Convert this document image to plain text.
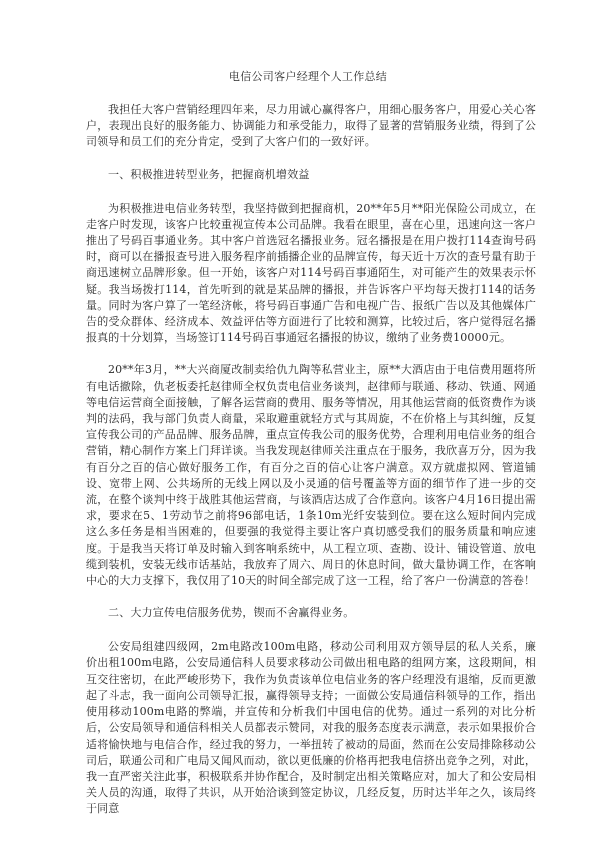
电信公司客户经理个人工作总结

我担任大客户营销经理四年来，尽力用诚心赢得客户，用细心服务客户，用爱心关心客户，表现出良好的服务能力、协调能力和承受能力，取得了显著的营销服务业绩，得到了公司领导和员工们的充分肯定，受到了大客户们的一致好评。

一、积极推进转型业务，把握商机增效益

为积极推进电信业务转型，我坚持做到把握商机，20**年5月**阳光保险公司成立，在走客户时发现，该客户比较重视宣传本公司品牌。我看在眼里，喜在心里，迅速向这一客户推出了号码百事通业务。其中客户首选冠名播报业务。冠名播报是在用户拨打114查询号码时，商可以在播报查号进入服务程序前插播企业的品牌宣传，每天近十万次的查号量有助于商迅速树立品牌形象。但一开始，该客户对114号码百事通陌生，对可能产生的效果表示怀疑。我当场拨打114，首先听到的就是某品牌的播报，并告诉客户平均每天拨打114的话务量。同时为客户算了一笔经济帐，将号码百事通广告和电视广告、报纸广告以及其他媒体广告的受众群体、经济成本、效益评估等方面进行了比较和测算，比较过后，客户觉得冠名播报真的十分划算，当场签订114号码百事通冠名播报的协议，缴纳了业务费10000元。

20**年3月，**大兴商厦改制卖给仇九陶等私营业主，原**大酒店由于电信费用题将所有电话撤除，仇老板委托赵律师全权负责电信业务谈判，赵律师与联通、移动、铁通、网通等电信运营商全面接触，了解各运营商的费用、服务等情况，用其他运营商的低资费作为谈判的法码，我与部门负责人商量，采取避重就轻方式与其周旋，不在价格上与其纠缠，反复宣传我公司的产品品牌、服务品牌，重点宣传我公司的服务优势，合理利用电信业务的组合营销，精心制作方案上门拜详谈。当我发现赵律师关注重点在于服务，我欣喜万分，因为我有百分之百的信心做好服务工作，有百分之百的信心让客户满意。双方就虚拟网、管道铺设、宽带上网、公共场所的无线上网以及小灵通的信号覆盖等方面的细节作了进一步的交流，在整个谈判中终于战胜其他运营商，与该酒店达成了合作意向。该客户4月16日提出需求，要求在5、1劳动节之前将96部电话，1条10m光纤安装到位。要在这么短时间内完成这么多任务是相当困难的，但要强的我觉得主要让客户真切感受我们的服务质量和响应速度。于是我当天将订单及时输入到客响系统中，从工程立项、查勘、设计、铺设管道、放电缆到装机，安装无线市话基站，我放弃了周六、周日的休息时间，做大量协调工作，在客响中心的大力支撑下，我仅用了10天的时间全部完成了这一工程，给了客户一份满意的答卷！

二、大力宣传电信服务优势，锲而不舍赢得业务。

公安局组建四级网，2m电路改100m电路，移动公司利用双方领导层的私人关系，廉价出租100m电路，公安局通信科人员要求移动公司做出租电路的组网方案，这段期间，相互交往密切，在此严峻形势下，我作为负责该单位电信业务的客户经理没有退缩，反而更激起了斗志，我一面向公司领导汇报，赢得领导支持；一面做公安局通信科领导的工作，指出使用移动100m电路的弊端，并宣传和分析我们中国电信的优势。通过一系列的对比分析后，公安局领导和通信科相关人员都表示赞同，对我的服务态度表示满意，表示如果报价合适将愉快地与电信合作，经过我的努力，一举扭转了被动的局面，然而在公安局排除移动公司后，联通公司和广电局又闻风而动，欲以更低廉的价格再把我电信挤出竞争之列，对此，我一直严密关注此事，积极联系并协作配合，及时制定出相关策略应对，加大了和公安局相关人员的沟通，取得了共识，从开始洽谈到签定协议，几经反复，历时达半年之久，该局终于同意
